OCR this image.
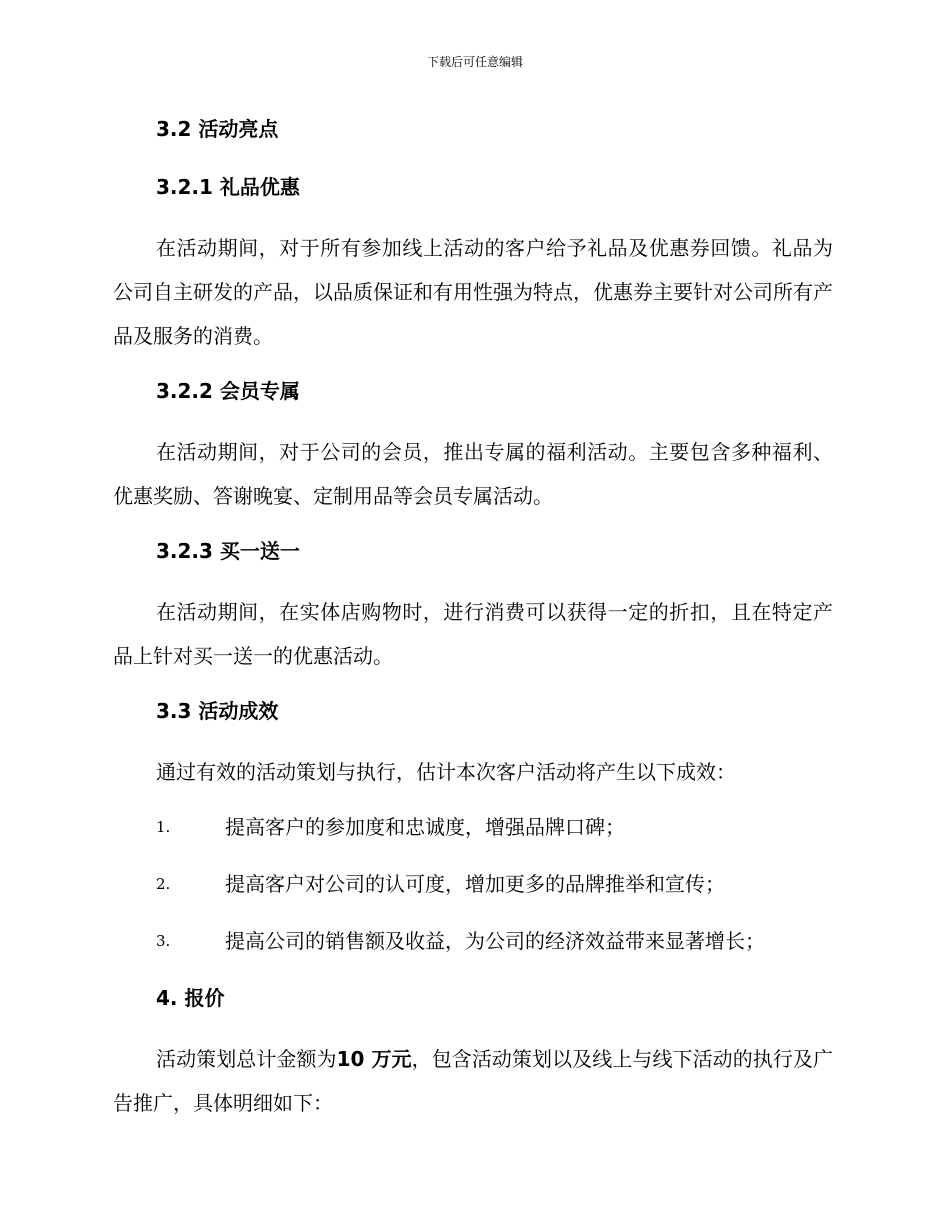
下载后可任意编辑
3.2 活动亮点
3.2.1 礼品优惠

在活动期间，对于所有参加线上活动的客户给予礼品及优惠券回馈。礼品为公司自主研发的产品，以品质保证和有用性强为特点，优惠券主要针对公司所有产品及服务的消费。

3.2.2 会员专属

在活动期间，对于公司的会员，推出专属的福利活动。主要包含多种福利、优惠奖励、答谢晚宴、定制用品等会员专属活动。

3.2.3 买一送一

在活动期间，在实体店购物时，进行消费可以获得一定的折扣，且在特定产品上针对买一送一的优惠活动。

3.3 活动成效

通过有效的活动策划与执行，估计本次客户活动将产生以下成效：

1.	提高客户的参加度和忠诚度，增强品牌口碑；
2.	提高客户对公司的认可度，增加更多的品牌推举和宣传；
3.	提高公司的销售额及收益，为公司的经济效益带来显著增长；
4. 报价

活动策划总计金额为10 万元，包含活动策划以及线上与线下活动的执行及广告推广，具体明细如下：
